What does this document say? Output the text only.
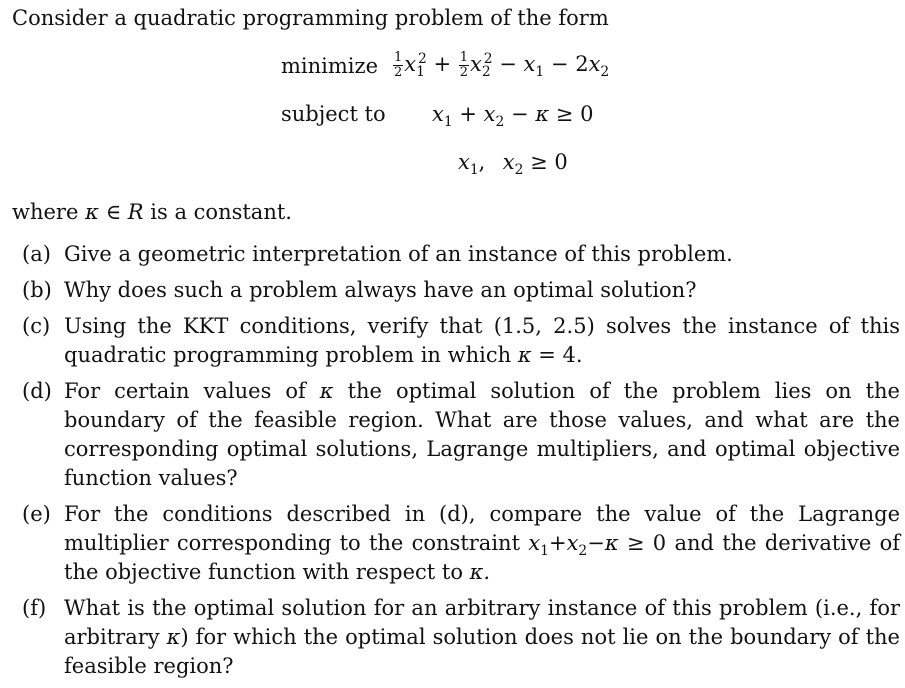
Consider a quadratic programming problem of the form
minimize $\frac{1}{2} x_1^2 + \frac{1}{2} x_2^2 - x_1 - 2x_2$
subject to $x_1 + x_2 - \kappa \ge 0$
$x_1$, $x_2 \ge 0$
where κ ∈ R is a constant.
(a) Give a geometric interpretation of an instance of this problem.
(b) Why does such a problem always have an optimal solution?
(c) Using the KKT conditions, verify that (1.5, 2.5) solves the instance of this quadratic programming problem in which κ = 4.
(d) For certain values of κ the optimal solution of the problem lies on the boundary of the feasible region. What are those values, and what are the corresponding optimal solutions, Lagrange multipliers, and optimal objective function values?
(e) For the conditions described in (d), compare the value of the Lagrange multiplier corresponding to the constraint $x_1+x_2-\kappa \ge 0$ and the derivative of the objective function with respect to κ.
(f) What is the optimal solution for an arbitrary instance of this problem (i.e., for arbitrary κ) for which the optimal solution does not lie on the boundary of the feasible region?
